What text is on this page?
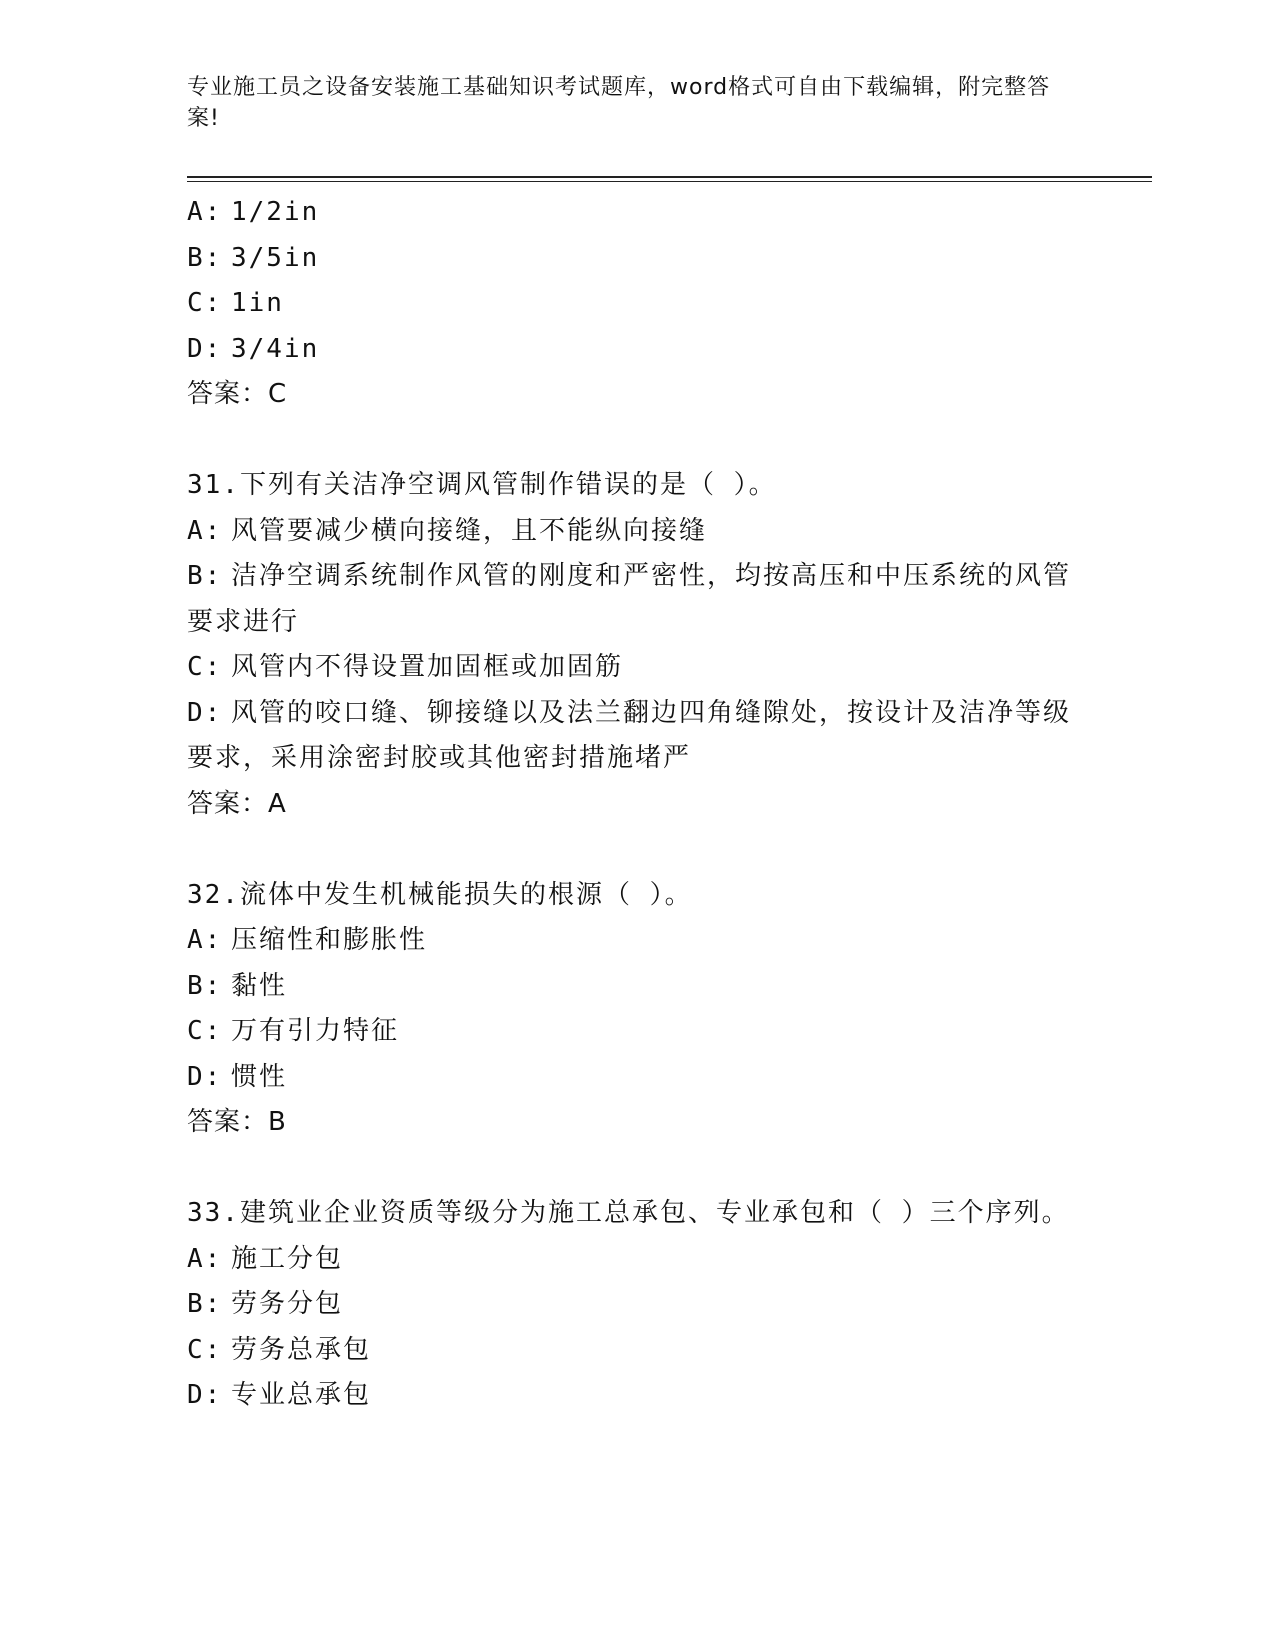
专业施工员之设备安装施工基础知识考试题库，word格式可自由下载编辑，附完整答案!
A: 1/2in
B: 3/5in
C: 1in
D: 3/4in
答案：C
31.下列有关洁净空调风管制作错误的是（ ）。
A: 风管要减少横向接缝，且不能纵向接缝
B: 洁净空调系统制作风管的刚度和严密性，均按高压和中压系统的风管要求进行
C: 风管内不得设置加固框或加固筋
D: 风管的咬口缝、铆接缝以及法兰翻边四角缝隙处，按设计及洁净等级要求，采用涂密封胶或其他密封措施堵严
答案：A
32.流体中发生机械能损失的根源（ ）。
A: 压缩性和膨胀性
B: 黏性
C: 万有引力特征
D: 惯性
答案：B
33.建筑业企业资质等级分为施工总承包、专业承包和（ ）三个序列。
A: 施工分包
B: 劳务分包
C: 劳务总承包
D: 专业总承包
